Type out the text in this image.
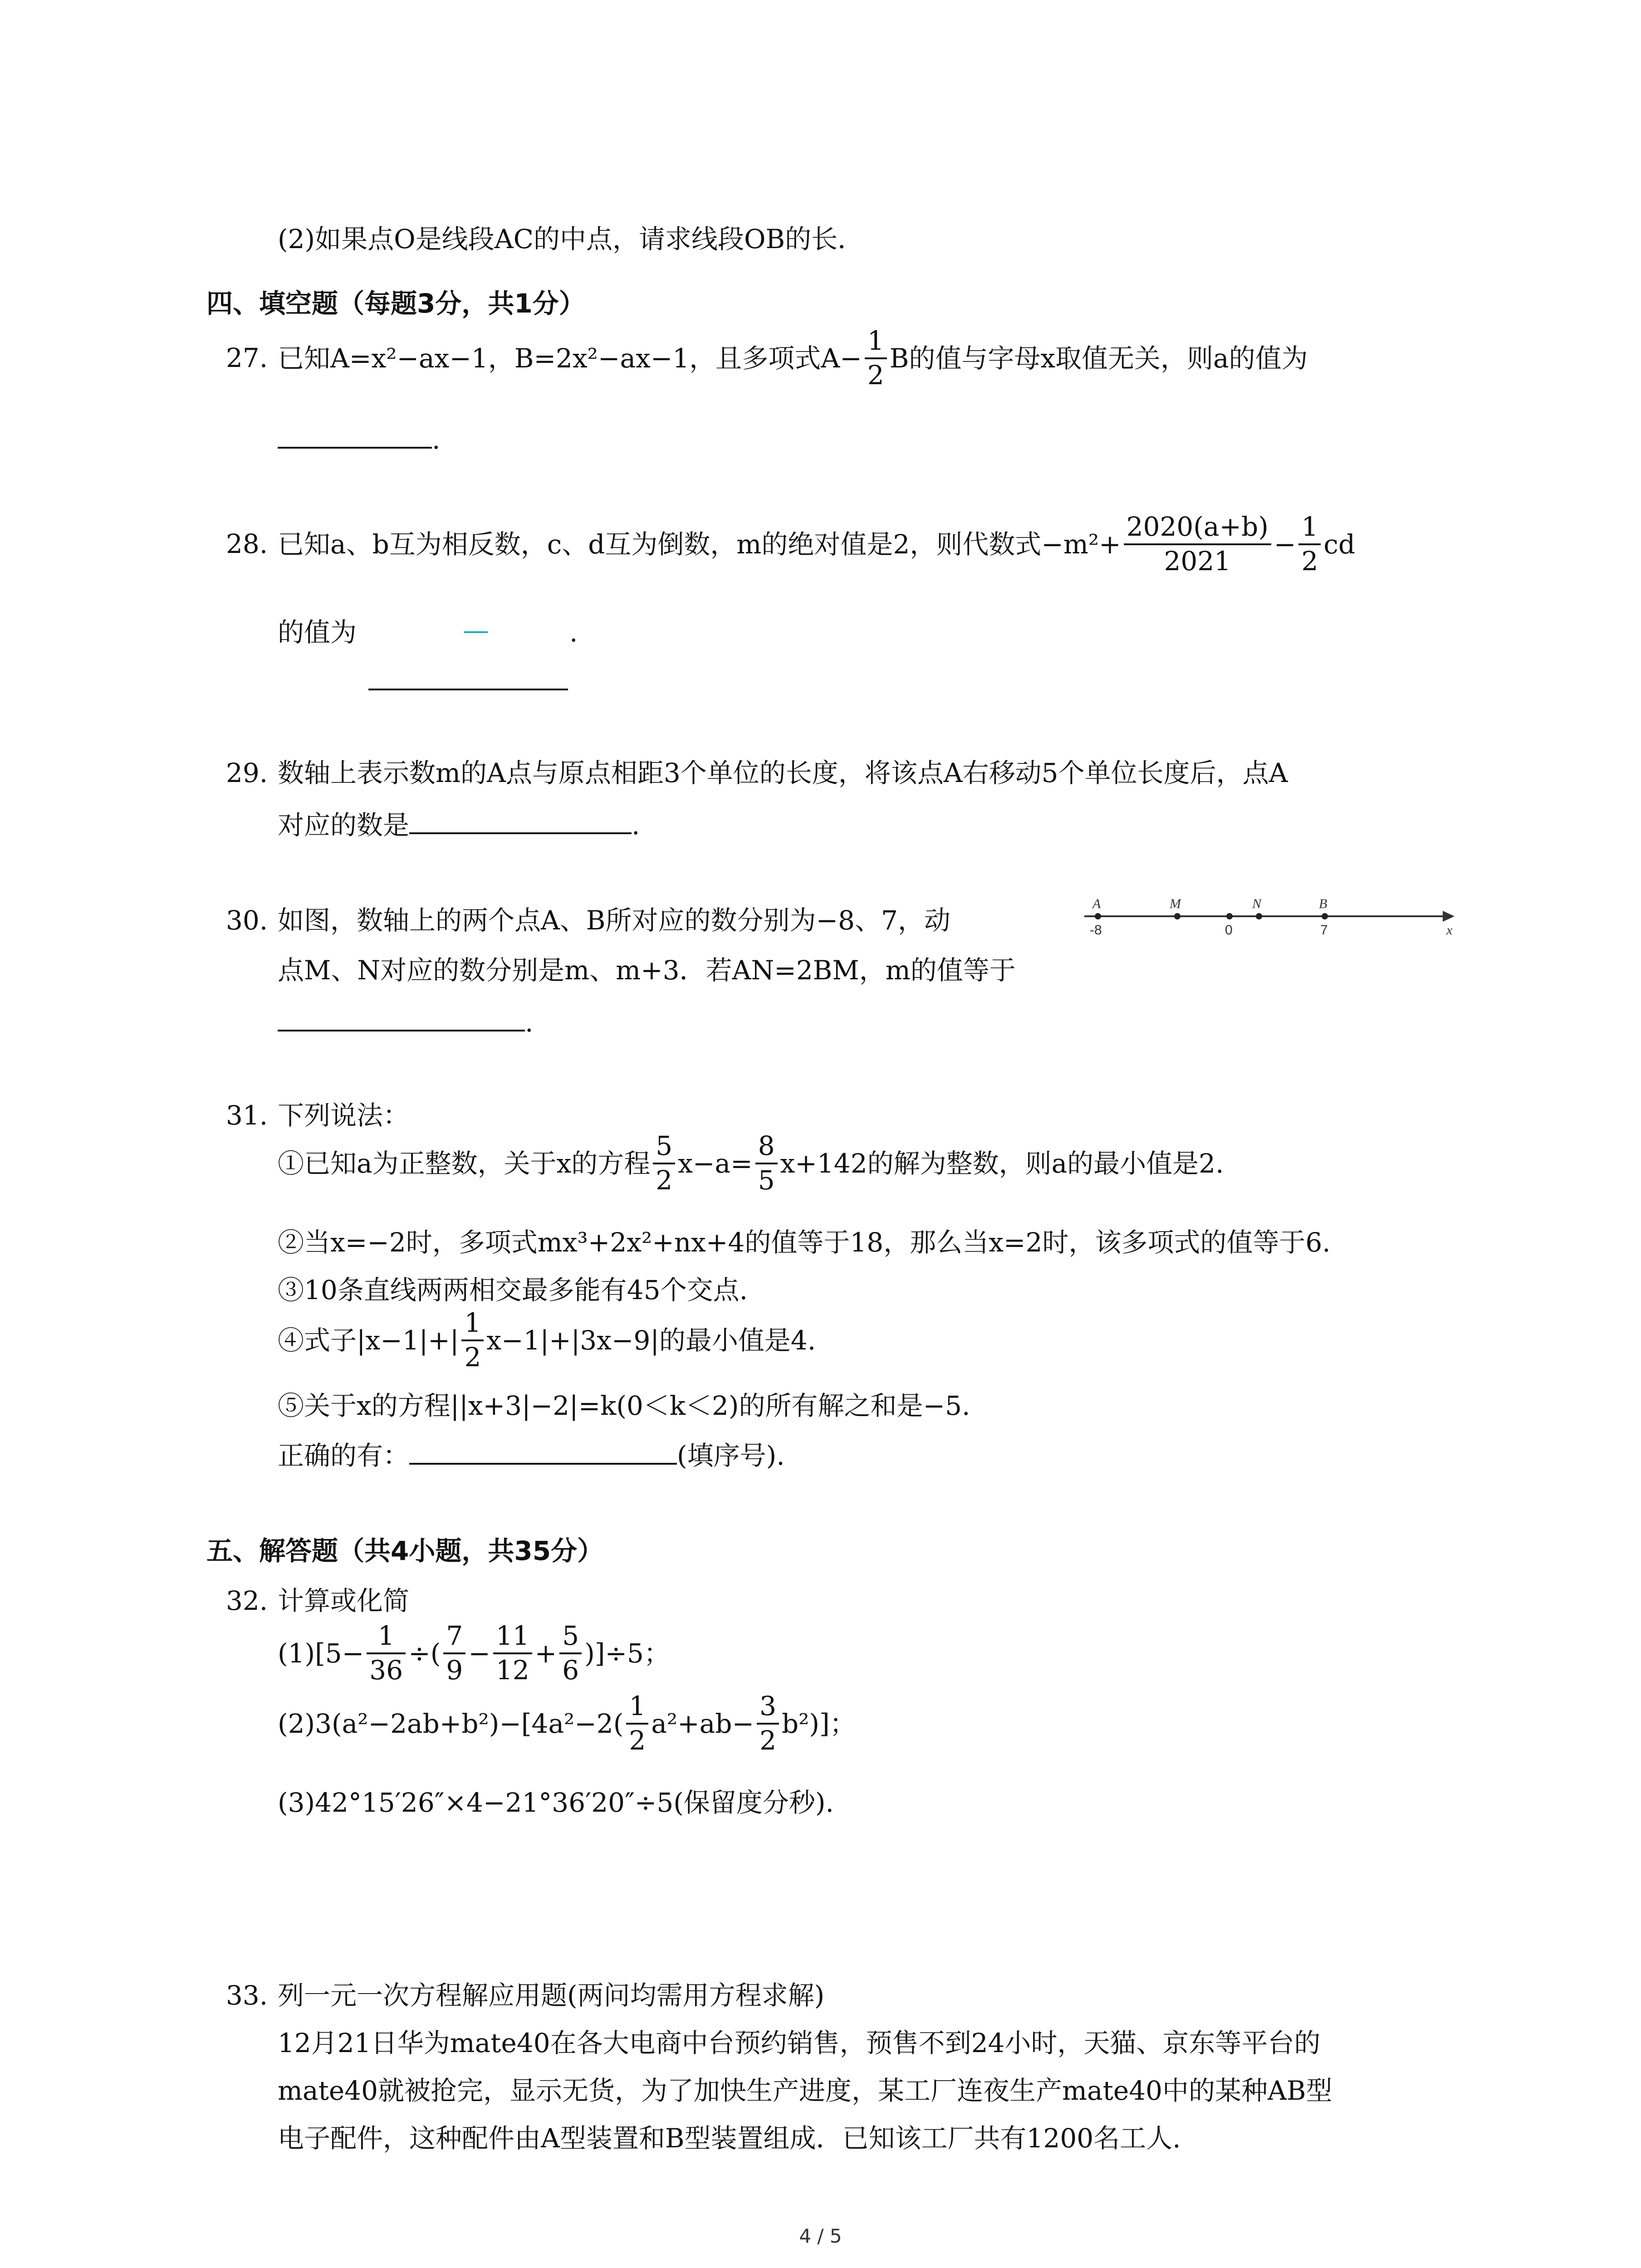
(2)如果点O是线段AC的中点，请求线段OB的长．
四、填空题（每题3分，共1分）
27. 已知A=x²−ax−1，B=2x²−ax−1，且多项式$A- \frac{1}{2}$ B的值与字母x取值无关，则a的值为
.
28. 已知a、b互为相反数，c、d互为倒数，m的绝对值是2，则代数式$-m^2+ \frac{2020(a+b)}{2021} - \frac{1}{2}$ cd
的值为	—	.
29. 数轴上表示数m的A点与原点相距3个单位的长度，将该点A右移动5个单位长度后，点A
对应的数是	.
30. 如图，数轴上的两个点A、B所对应的数分别为−8、7，动
点M、N对应的数分别是m、m+3．若AN=2BM，m的值等于
.
A	M	N	B
x
-8	0	7
31. 下列说法：
①已知a为正整数，关于x的方程 $\frac{5}{2} x-a= \frac{8}{5} x+142$的解为整数，则a的最小值是2.
②当x=−2时，多项式mx³+2x²+nx+4的值等于18，那么当x=2时，该多项式的值等于6.
③10条直线两两相交最多能有45个交点.
④式子$|x-1|+| \frac{1}{2} x-1|+|3x-9|$的最小值是4.
⑤关于x的方程||x+3|−2|=k(0＜k＜2)的所有解之和是−5.
正确的有：	(填序号).
五、解答题（共4小题，共35分）
32. 计算或化简
$(1)[5- \frac{1}{36}$ ÷( $\frac{7}{9} - \frac{11}{12} + \frac{5}{6} )]\div 5$；
$(2)3(a^2-2ab+b^2)-[4a^2-2( \frac{1}{2} a^2+ab- \frac{3}{2} b^2)]$；
(3)42°15′26″×4−21°36′20″÷5(保留度分秒).
33. 列一元一次方程解应用题(两问均需用方程求解)
12月21日华为mate40在各大电商中台预约销售，预售不到24小时，天猫、京东等平台的
mate40就被抢完，显示无货，为了加快生产进度，某工厂连夜生产mate40中的某种AB型
电子配件，这种配件由A型装置和B型装置组成．已知该工厂共有1200名工人.
4 / 5
